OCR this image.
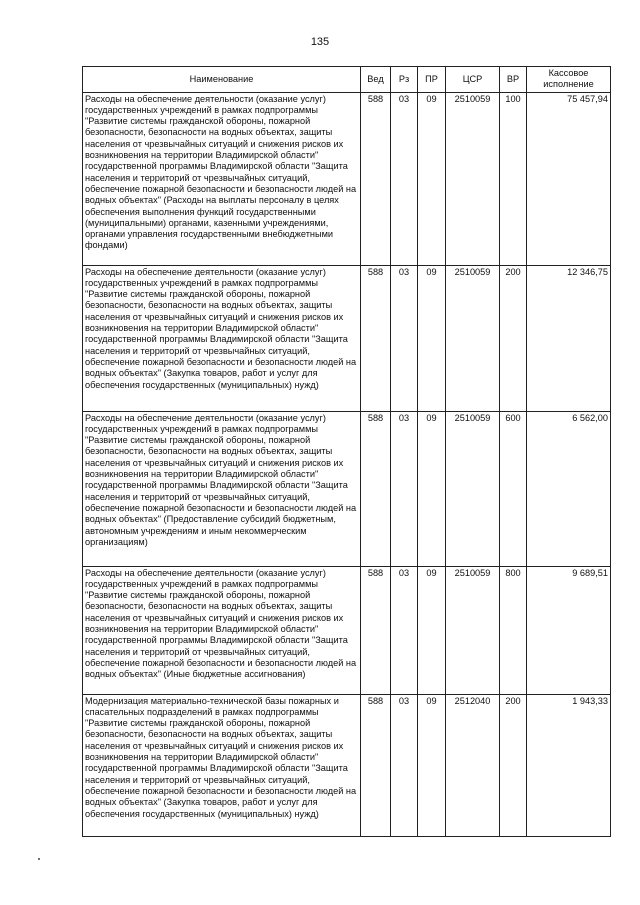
135
Наименование	Вед	Рз	ПР	ЦСР	ВР	Кассовое исполнение
Расходы на обеспечение деятельности (оказание услуг) государственных учреждений в рамках подпрограммы "Развитие системы гражданской обороны, пожарной безопасности, безопасности на водных объектах, защиты населения от чрезвычайных ситуаций и снижения рисков их возникновения на территории Владимирской области" государственной программы Владимирской области "Защита населения и территорий от чрезвычайных ситуаций, обеспечение пожарной безопасности и безопасности людей на водных объектах" (Расходы на выплаты персоналу в целях обеспечения выполнения функций государственными (муниципальными) органами, казенными учреждениями, органами управления государственными внебюджетными фондами)	588	03	09	2510059	100	75 457,94
Расходы на обеспечение деятельности (оказание услуг) государственных учреждений в рамках подпрограммы "Развитие системы гражданской обороны, пожарной безопасности, безопасности на водных объектах, защиты населения от чрезвычайных ситуаций и снижения рисков их возникновения на территории Владимирской области" государственной программы Владимирской области "Защита населения и территорий от чрезвычайных ситуаций, обеспечение пожарной безопасности и безопасности людей на водных объектах" (Закупка товаров, работ и услуг для обеспечения государственных (муниципальных) нужд)	588	03	09	2510059	200	12 346,75
Расходы на обеспечение деятельности (оказание услуг) государственных учреждений в рамках подпрограммы "Развитие системы гражданской обороны, пожарной безопасности, безопасности на водных объектах, защиты населения от чрезвычайных ситуаций и снижения рисков их возникновения на территории Владимирской области" государственной программы Владимирской области "Защита населения и территорий от чрезвычайных ситуаций, обеспечение пожарной безопасности и безопасности людей на водных объектах" (Предоставление субсидий бюджетным, автономным учреждениям и иным некоммерческим организациям)	588	03	09	2510059	600	6 562,00
Расходы на обеспечение деятельности (оказание услуг) государственных учреждений в рамках подпрограммы "Развитие системы гражданской обороны, пожарной безопасности, безопасности на водных объектах, защиты населения от чрезвычайных ситуаций и снижения рисков их возникновения на территории Владимирской области" государственной программы Владимирской области "Защита населения и территорий от чрезвычайных ситуаций, обеспечение пожарной безопасности и безопасности людей на водных объектах" (Иные бюджетные ассигнования)	588	03	09	2510059	800	9 689,51
Модернизация материально-технической базы пожарных и спасательных подразделений в рамках подпрограммы "Развитие системы гражданской обороны, пожарной безопасности, безопасности на водных объектах, защиты населения от чрезвычайных ситуаций и снижения рисков их возникновения на территории Владимирской области" государственной программы Владимирской области "Защита населения и территорий от чрезвычайных ситуаций, обеспечение пожарной безопасности и безопасности людей на водных объектах" (Закупка товаров, работ и услуг для обеспечения государственных (муниципальных) нужд)	588	03	09	2512040	200	1 943,33
